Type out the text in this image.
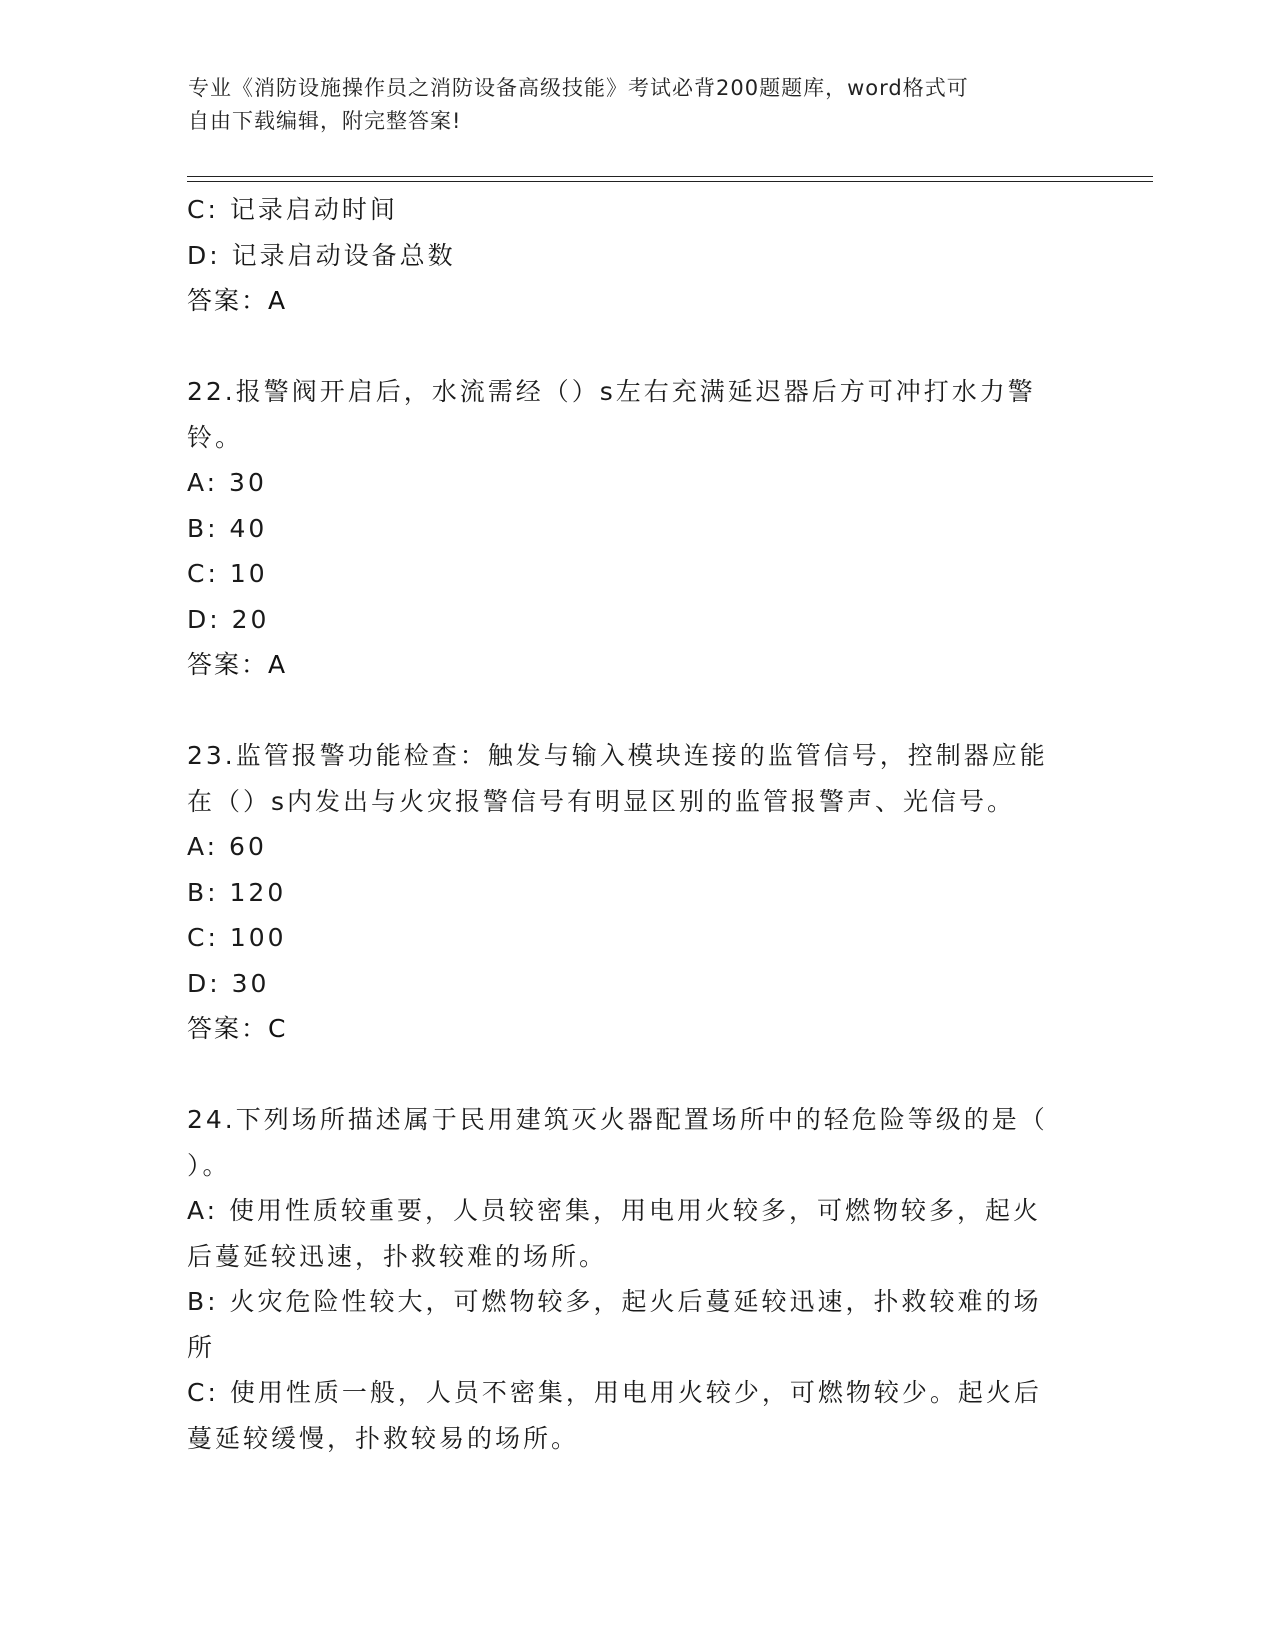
专业《消防设施操作员之消防设备高级技能》考试必背200题题库，word格式可
自由下载编辑，附完整答案!
C: 记录启动时间
D: 记录启动设备总数
答案：A
22.报警阀开启后，水流需经（）s左右充满延迟器后方可冲打水力警
铃。
A: 30
B: 40
C: 10
D: 20
答案：A
23.监管报警功能检查：触发与输入模块连接的监管信号，控制器应能
在（）s内发出与火灾报警信号有明显区别的监管报警声、光信号。
A: 60
B: 120
C: 100
D: 30
答案：C
24.下列场所描述属于民用建筑灭火器配置场所中的轻危险等级的是（
）。
A: 使用性质较重要，人员较密集，用电用火较多，可燃物较多，起火
后蔓延较迅速，扑救较难的场所。
B: 火灾危险性较大，可燃物较多，起火后蔓延较迅速，扑救较难的场
所
C: 使用性质一般，人员不密集，用电用火较少，可燃物较少。起火后
蔓延较缓慢，扑救较易的场所。
